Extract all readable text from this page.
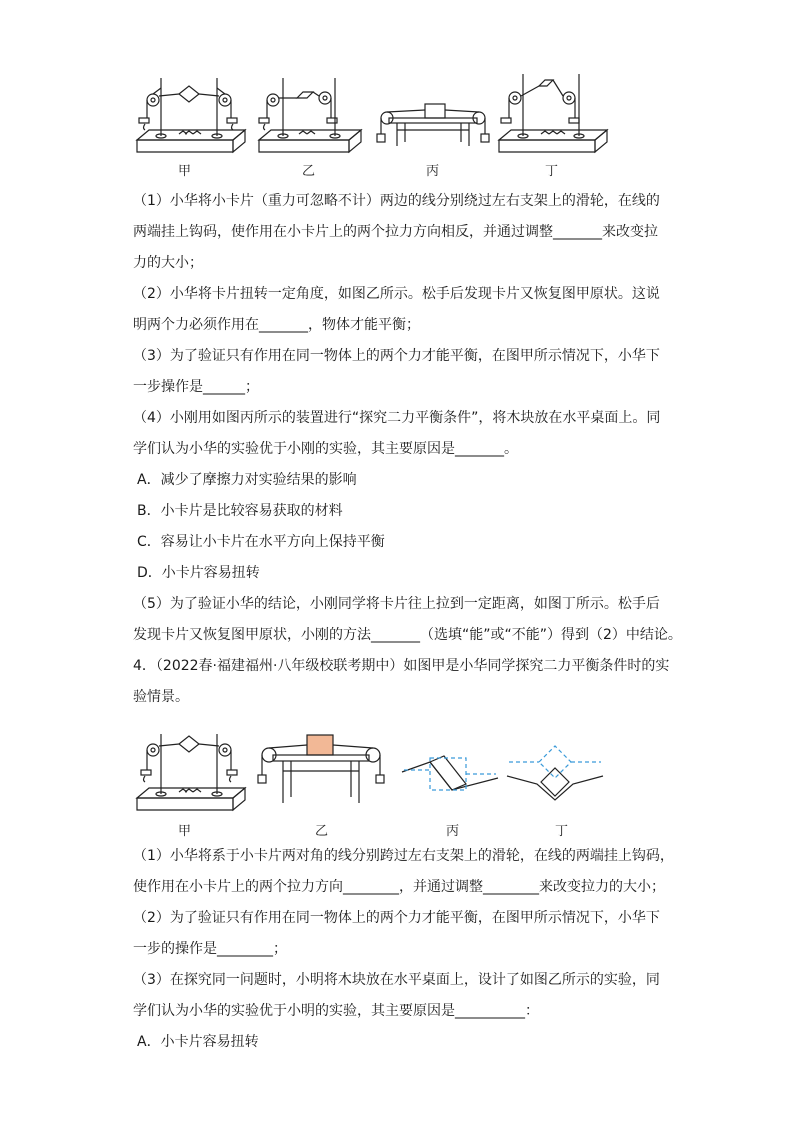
甲	乙	丙	丁
（1）小华将小卡片（重力可忽略不计）两边的线分别绕过左右支架上的滑轮，在线的
两端挂上钩码，使作用在小卡片上的两个拉力方向相反，并通过调整_______来改变拉
力的大小；
（2）小华将卡片扭转一定角度，如图乙所示。松手后发现卡片又恢复图甲原状。这说
明两个力必须作用在_______，物体才能平衡；
（3）为了验证只有作用在同一物体上的两个力才能平衡，在图甲所示情况下，小华下
一步操作是______；
（4）小刚用如图丙所示的装置进行“探究二力平衡条件”，将木块放在水平桌面上。同
学们认为小华的实验优于小刚的实验，其主要原因是_______。
A．减少了摩擦力对实验结果的影响
B．小卡片是比较容易获取的材料
C．容易让小卡片在水平方向上保持平衡
D．小卡片容易扭转
（5）为了验证小华的结论，小刚同学将卡片往上拉到一定距离，如图丁所示。松手后
发现卡片又恢复图甲原状，小刚的方法_______（选填“能”或“不能”）得到（2）中结论。
4．（2022春·福建福州·八年级校联考期中）如图甲是小华同学探究二力平衡条件时的实
验情景。
甲	乙	丙	丁
（1）小华将系于小卡片两对角的线分别跨过左右支架上的滑轮，在线的两端挂上钩码，
使作用在小卡片上的两个拉力方向________，并通过调整________来改变拉力的大小；
（2）为了验证只有作用在同一物体上的两个力才能平衡，在图甲所示情况下，小华下
一步的操作是________；
（3）在探究同一问题时，小明将木块放在水平桌面上，设计了如图乙所示的实验，同
学们认为小华的实验优于小明的实验，其主要原因是__________：
A．小卡片容易扭转
